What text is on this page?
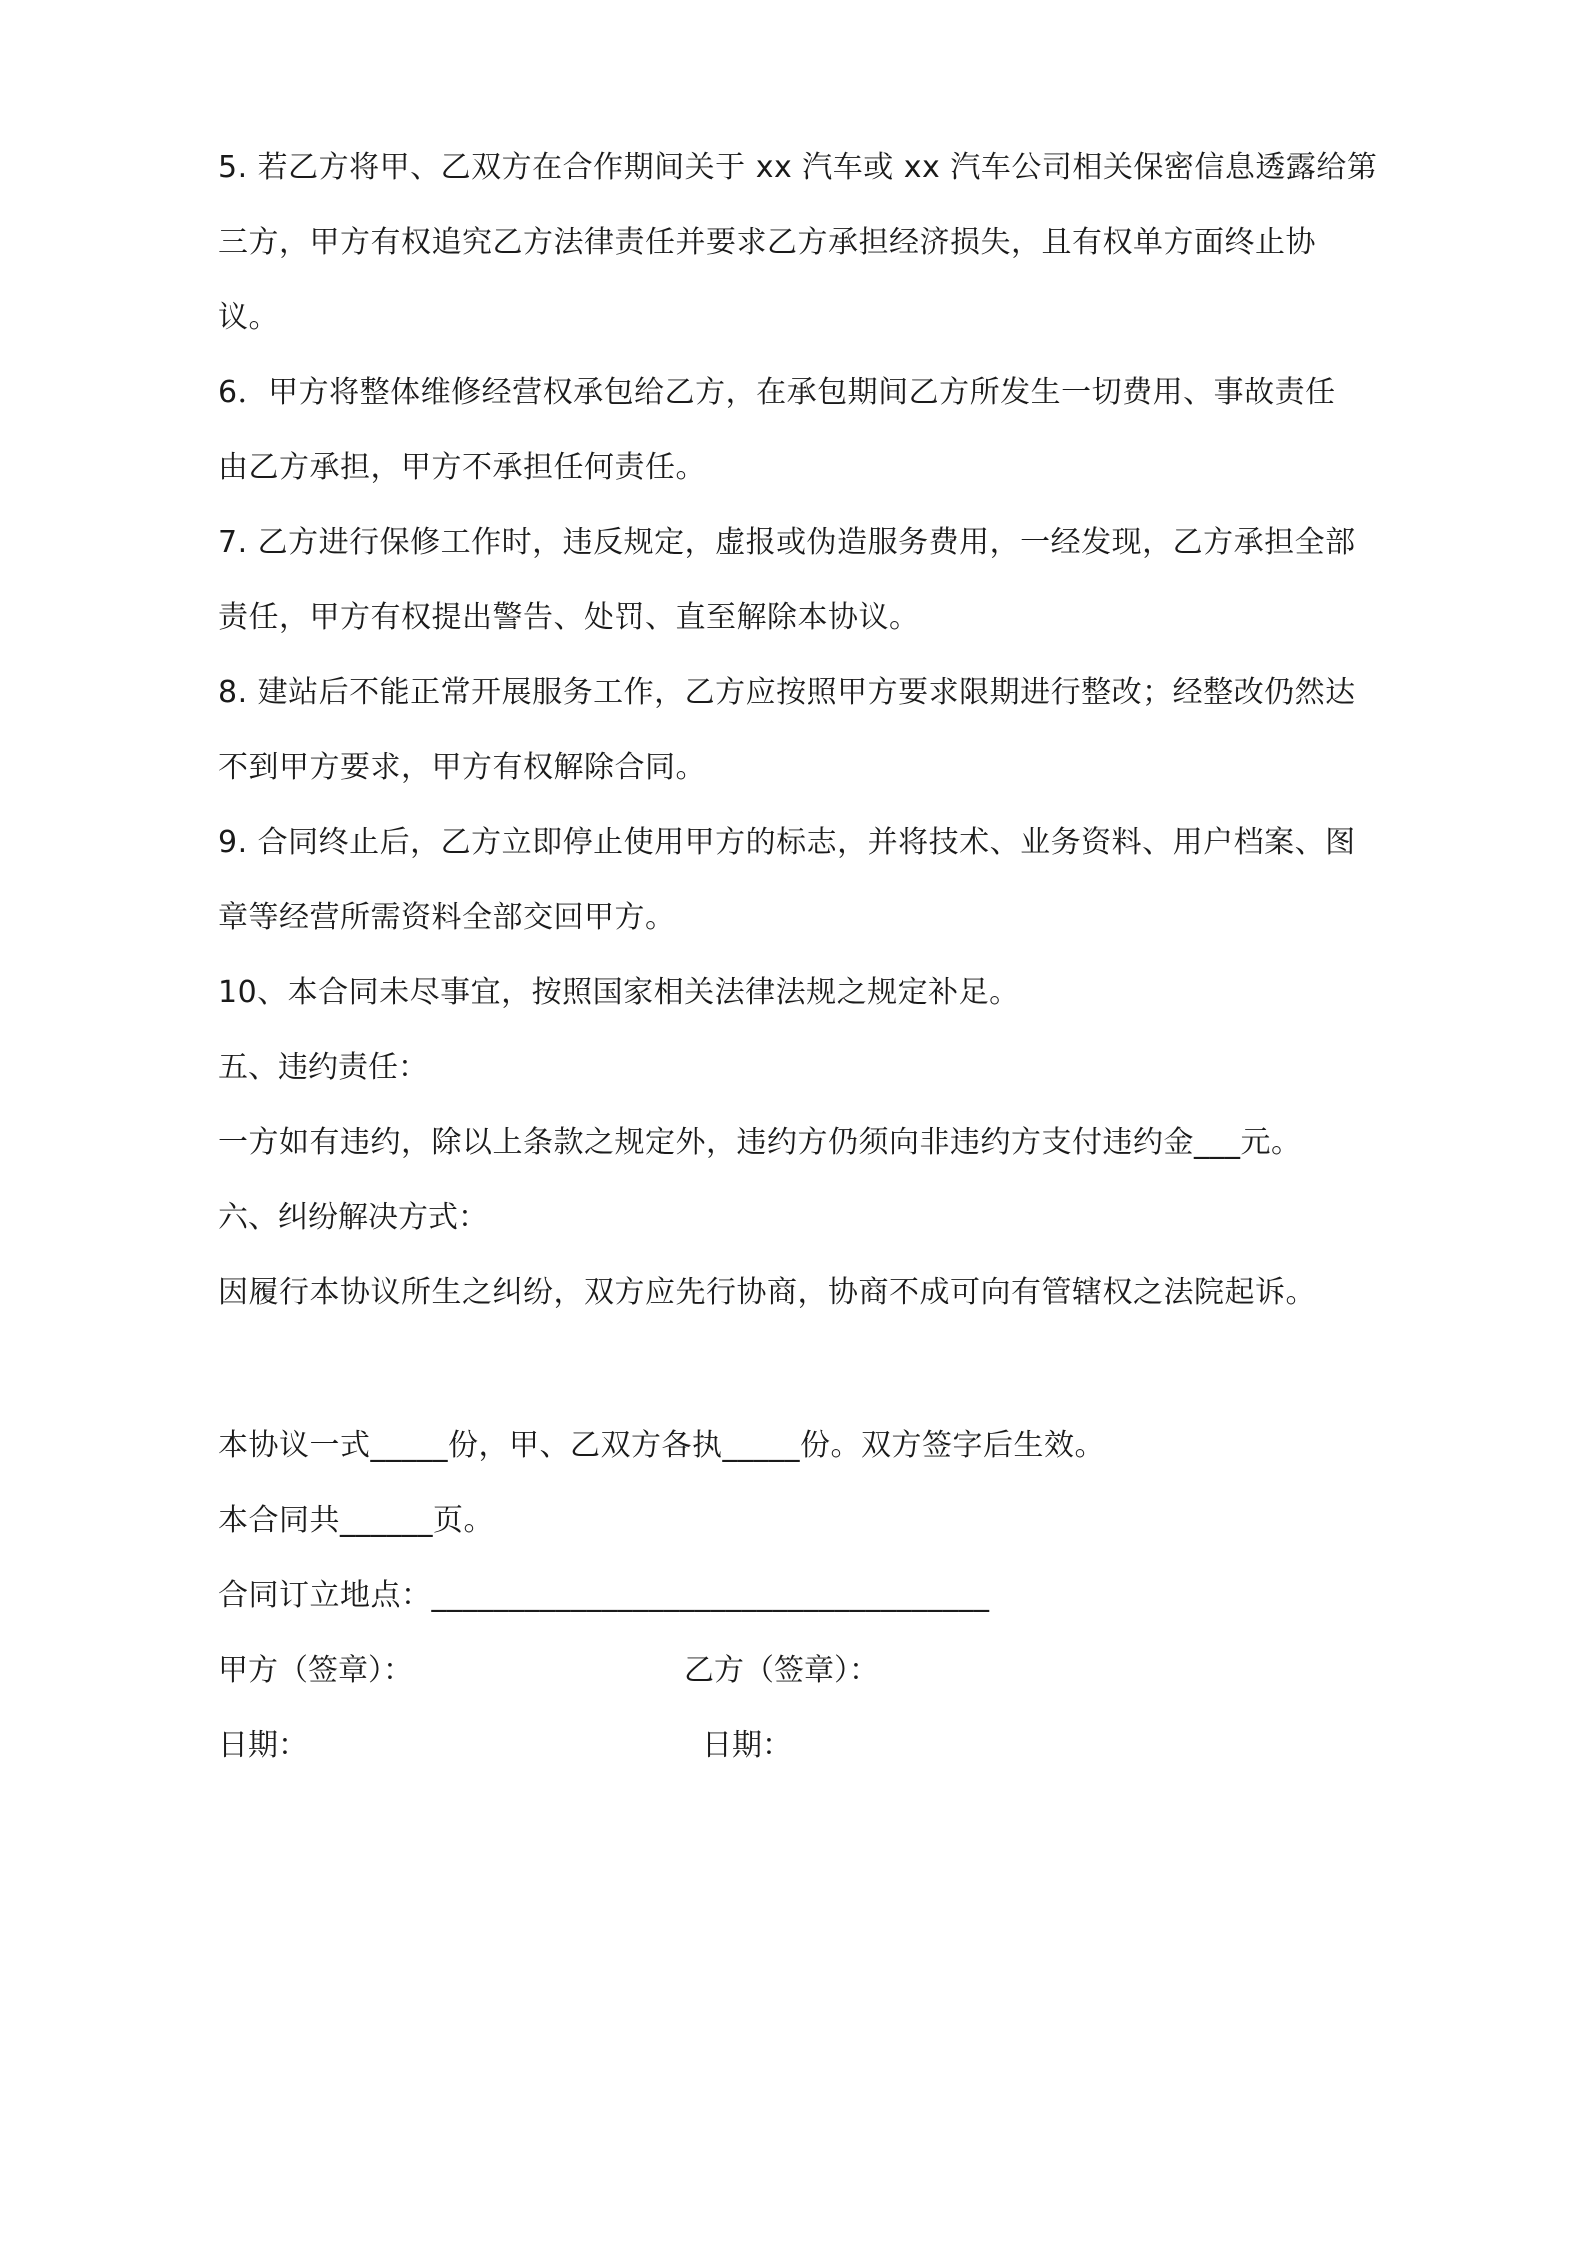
5. 若乙方将甲、乙双方在合作期间关于 xx 汽车或 xx 汽车公司相关保密信息透露给第

三方，甲方有权追究乙方法律责任并要求乙方承担经济损失，且有权单方面终止协

议。

6．甲方将整体维修经营权承包给乙方，在承包期间乙方所发生一切费用、事故责任

由乙方承担，甲方不承担任何责任。

7. 乙方进行保修工作时，违反规定，虚报或伪造服务费用，一经发现，乙方承担全部

责任，甲方有权提出警告、处罚、直至解除本协议。

8. 建站后不能正常开展服务工作，乙方应按照甲方要求限期进行整改；经整改仍然达

不到甲方要求，甲方有权解除合同。

9. 合同终止后，乙方立即停止使用甲方的标志，并将技术、业务资料、用户档案、图

章等经营所需资料全部交回甲方。

10、本合同未尽事宜，按照国家相关法律法规之规定补足。

五、违约责任：

一方如有违约，除以上条款之规定外，违约方仍须向非违约方支付违约金___元。

六、纠纷解决方式：

因履行本协议所生之纠纷，双方应先行协商，协商不成可向有管辖权之法院起诉。

本协议一式_____份，甲、乙双方各执_____份。双方签字后生效。

本合同共______页。

合同订立地点：____________________________________

甲方（签章）：	乙方（签章）：
日期：	日期：
